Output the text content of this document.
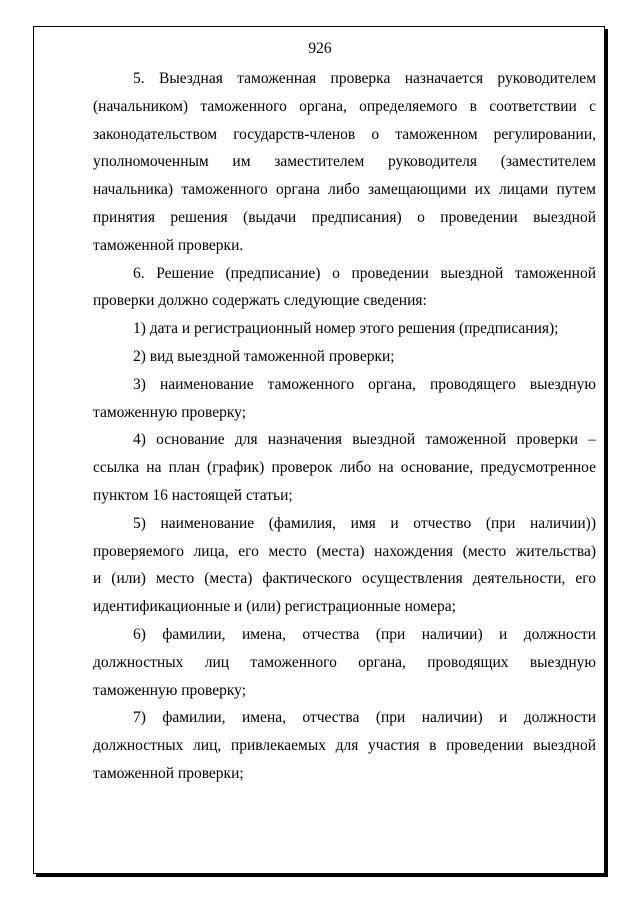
926
5. Выездная таможенная проверка назначается руководителем
(начальником) таможенного органа, определяемого в соответствии с
законодательством государств-членов о таможенном регулировании,
уполномоченным им заместителем руководителя (заместителем
начальника) таможенного органа либо замещающими их лицами путем
принятия решения (выдачи предписания) о проведении выездной
таможенной проверки.
6. Решение (предписание) о проведении выездной таможенной
проверки должно содержать следующие сведения:
1) дата и регистрационный номер этого решения (предписания);
2) вид выездной таможенной проверки;
3) наименование таможенного органа, проводящего выездную
таможенную проверку;
4) основание для назначения выездной таможенной проверки –
ссылка на план (график) проверок либо на основание, предусмотренное
пунктом 16 настоящей статьи;
5) наименование (фамилия, имя и отчество (при наличии))
проверяемого лица, его место (места) нахождения (место жительства)
и (или) место (места) фактического осуществления деятельности, его
идентификационные и (или) регистрационные номера;
6) фамилии, имена, отчества (при наличии) и должности
должностных лиц таможенного органа, проводящих выездную
таможенную проверку;
7) фамилии, имена, отчества (при наличии) и должности
должностных лиц, привлекаемых для участия в проведении выездной
таможенной проверки;
